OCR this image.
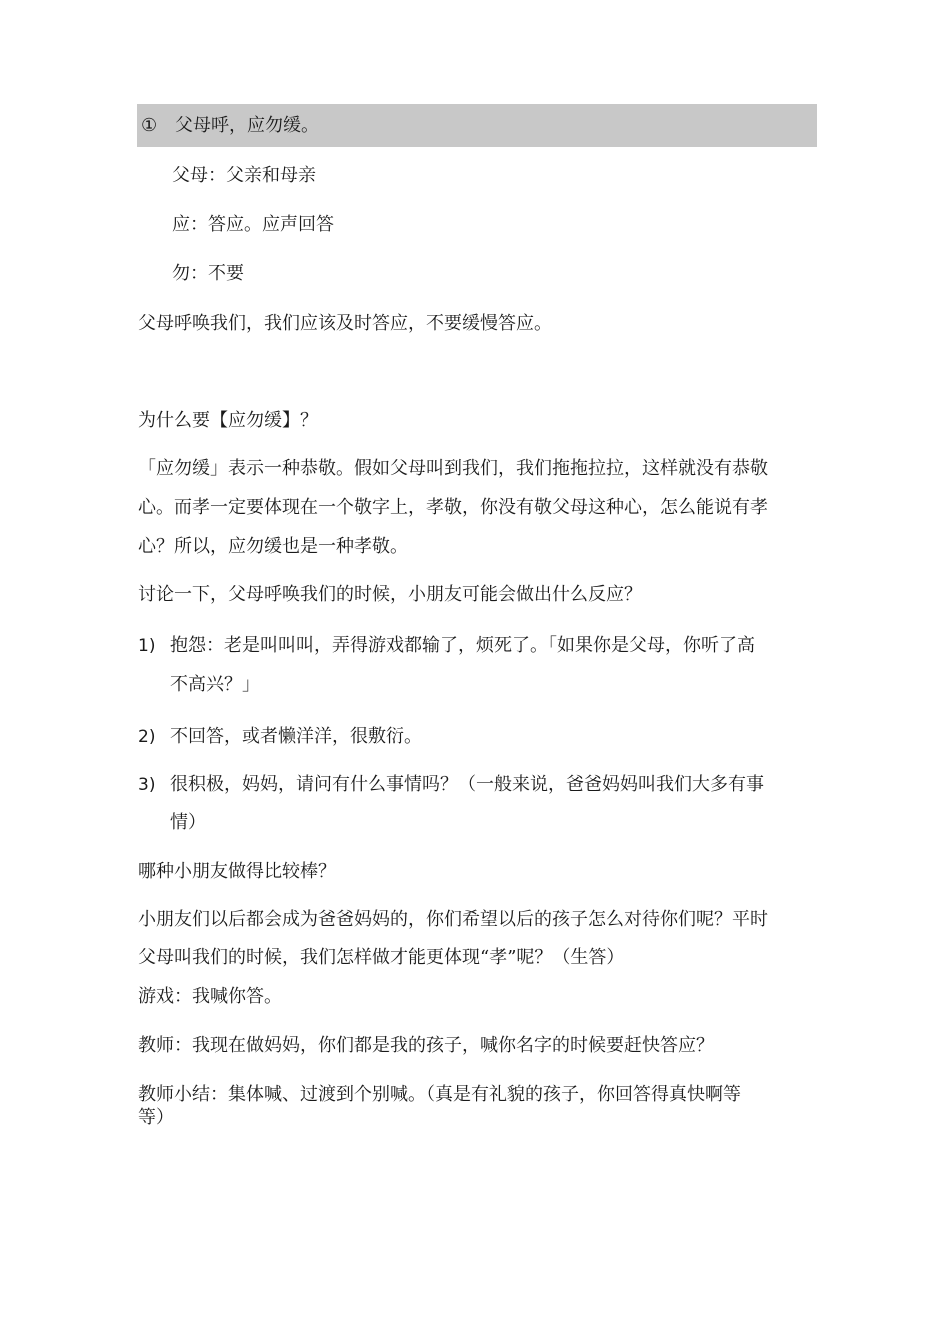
① 父母呼，应勿缓。
父母：父亲和母亲
应：答应。应声回答
勿：不要
父母呼唤我们，我们应该及时答应，不要缓慢答应。
为什么要【应勿缓】？
「应勿缓」表示一种恭敬。假如父母叫到我们，我们拖拖拉拉，这样就没有恭敬
心。而孝一定要体现在一个敬字上，孝敬，你没有敬父母这种心，怎么能说有孝
心？所以，应勿缓也是一种孝敬。
讨论一下，父母呼唤我们的时候，小朋友可能会做出什么反应？
1) 抱怨：老是叫叫叫，弄得游戏都输了，烦死了。「如果你是父母，你听了高
不高兴？」
2) 不回答，或者懒洋洋，很敷衍。
3) 很积极，妈妈，请问有什么事情吗？（一般来说，爸爸妈妈叫我们大多有事
情）
哪种小朋友做得比较棒？
小朋友们以后都会成为爸爸妈妈的，你们希望以后的孩子怎么对待你们呢？平时
父母叫我们的时候，我们怎样做才能更体现“孝”呢？（生答）
游戏：我喊你答。
教师：我现在做妈妈，你们都是我的孩子，喊你名字的时候要赶快答应？
教师小结：集体喊、过渡到个别喊。（真是有礼貌的孩子，你回答得真快啊等
等）
